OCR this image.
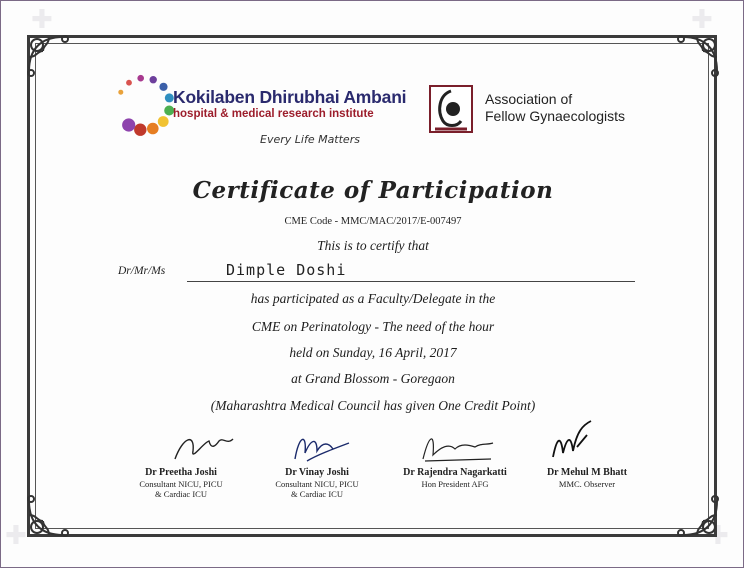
✚	✚
✚	✚
Kokilaben Dhirubhai Ambani
hospital & medical research institute
Every Life Matters
Association of
Fellow Gynaecologists
Certificate of Participation
CME Code - MMC/MAC/2017/E-007497
This is to certify that
Dr/Mr/Ms	Dimple Doshi
has participated as a Faculty/Delegate in the
CME on Perinatology - The need of the hour
held on Sunday, 16 April, 2017
at Grand Blossom - Goregaon
(Maharashtra Medical Council has given One Credit Point)
Dr Preetha Joshi
Consultant NICU, PICU
& Cardiac ICU
Dr Vinay Joshi
Consultant NICU, PICU
& Cardiac ICU
Dr Rajendra Nagarkatti
Hon President AFG
Dr Mehul M Bhatt
MMC. Observer
